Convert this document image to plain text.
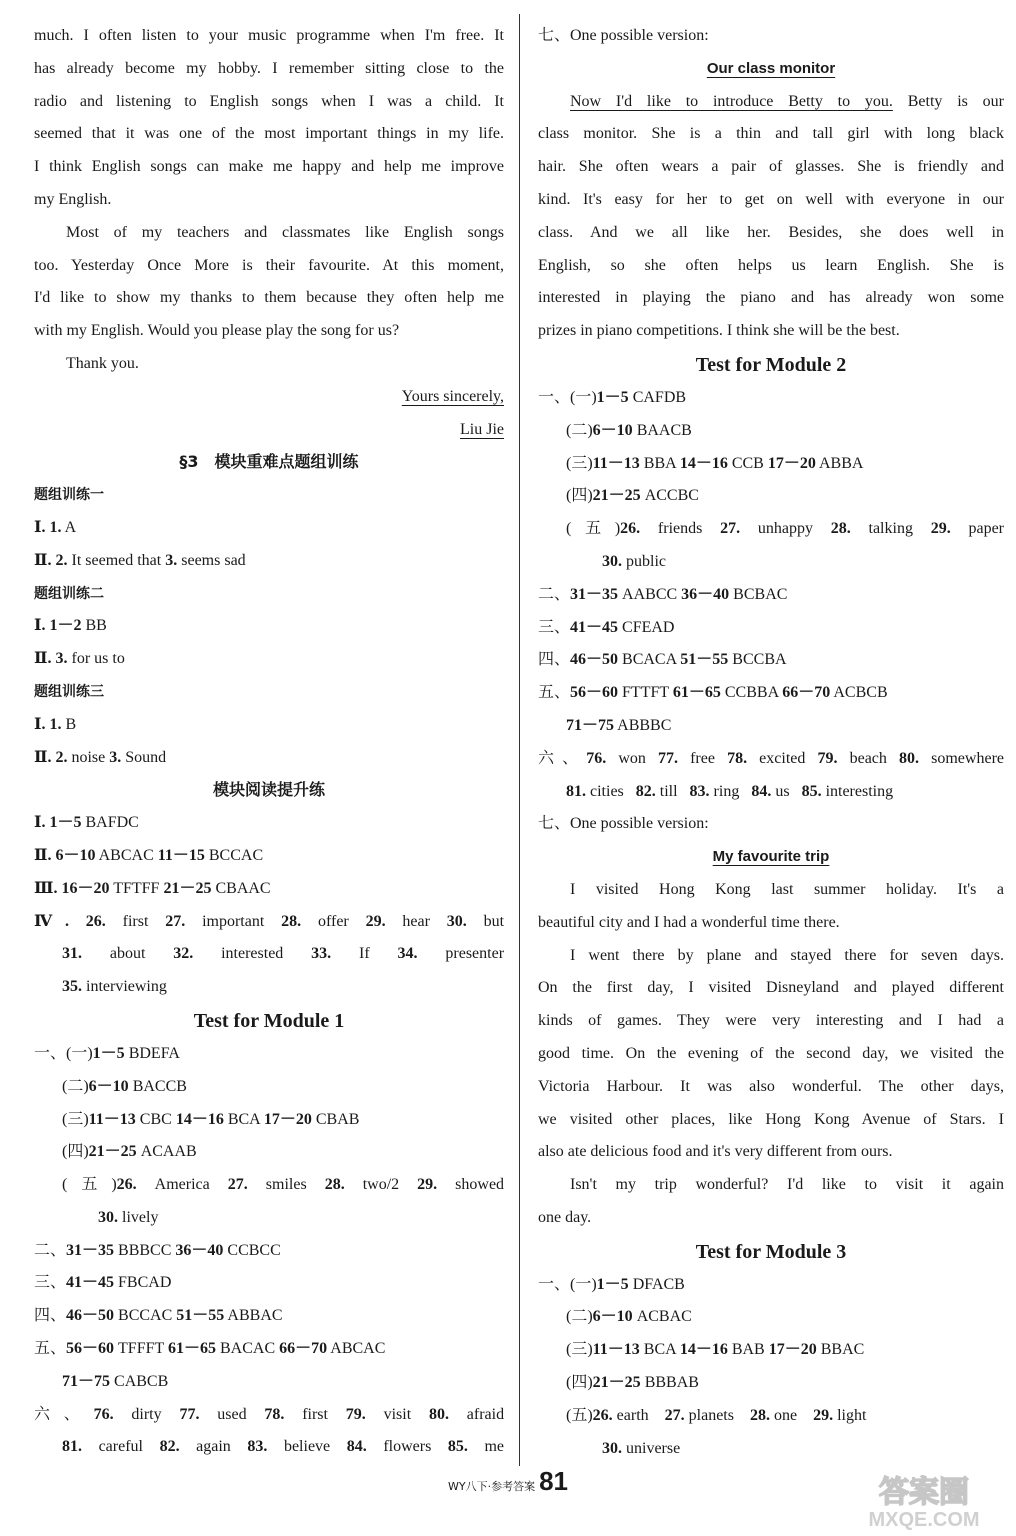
much. I often listen to your music programme when I'm free. It
has already become my hobby. I remember sitting close to the
radio and listening to English songs when I was a child. It
seemed that it was one of the most important things in my life.
I think English songs can make me happy and help me improve
my English.
Most of my teachers and classmates like English songs
too. Yesterday Once More is their favourite. At this moment,
I'd like to show my thanks to them because they often help me
with my English. Would you please play the song for us?
Thank you.
Yours sincerely,
Liu Jie
§3　模块重难点题组训练
题组训练一
Ⅰ. 1. A
Ⅱ. 2. It seemed that 3. seems sad
题组训练二
Ⅰ. 1－2 BB
Ⅱ. 3. for us to
题组训练三
Ⅰ. 1. B
Ⅱ. 2. noise 3. Sound
模块阅读提升练
Ⅰ. 1－5 BAFDC
Ⅱ. 6－10 ABCAC 11－15 BCCAC
Ⅲ. 16－20 TFTFF 21－25 CBAAC
Ⅳ. 26. first 27. important 28. offer 29. hear 30. but
31. about 32. interested 33. If 34. presenter
35. interviewing
Test for Module 1
一、(一)1－5 BDEFA
(二)6－10 BACCB
(三)11－13 CBC 14－16 BCA 17－20 CBAB
(四)21－25 ACAAB
(五)26. America 27. smiles 28. two/2 29. showed
30. lively
二、31－35 BBBCC 36－40 CCBCC
三、41－45 FBCAD
四、46－50 BCCAC 51－55 ABBAC
五、56－60 TFFFT 61－65 BACAC 66－70 ABCAC
71－75 CABCB
六、76. dirty 77. used 78. first 79. visit 80. afraid
81. careful 82. again 83. believe 84. flowers 85. me
七、One possible version:
Our class monitor
Now I'd like to introduce Betty to you. Betty is our
class monitor. She is a thin and tall girl with long black
hair. She often wears a pair of glasses. She is friendly and
kind. It's easy for her to get on well with everyone in our
class. And we all like her. Besides, she does well in
English, so she often helps us learn English. She is
interested in playing the piano and has already won some
prizes in piano competitions. I think she will be the best.
Test for Module 2
一、(一)1－5 CAFDB
(二)6－10 BAACB
(三)11－13 BBA 14－16 CCB 17－20 ABBA
(四)21－25 ACCBC
(五)26. friends 27. unhappy 28. talking 29. paper
30. public
二、31－35 AABCC 36－40 BCBAC
三、41－45 CFEAD
四、46－50 BCACA 51－55 BCCBA
五、56－60 FTTFT 61－65 CCBBA 66－70 ACBCB
71－75 ABBBC
六、76. won 77. free 78. excited 79. beach 80. somewhere
81. cities 82. till 83. ring 84. us 85. interesting
七、One possible version:
My favourite trip
I visited Hong Kong last summer holiday. It's a
beautiful city and I had a wonderful time there.
I went there by plane and stayed there for seven days.
On the first day, I visited Disneyland and played different
kinds of games. They were very interesting and I had a
good time. On the evening of the second day, we visited the
Victoria Harbour. It was also wonderful. The other days,
we visited other places, like Hong Kong Avenue of Stars. I
also ate delicious food and it's very different from ours.
Isn't my trip wonderful? I'd like to visit it again
one day.
Test for Module 3
一、(一)1－5 DFACB
(二)6－10 ACBAC
(三)11－13 BCA 14－16 BAB 17－20 BBAC
(四)21－25 BBBAB
(五)26. earth 27. planets 28. one 29. light
30. universe
WY八下·参考答案 81	答案圈
MXQE.COM
